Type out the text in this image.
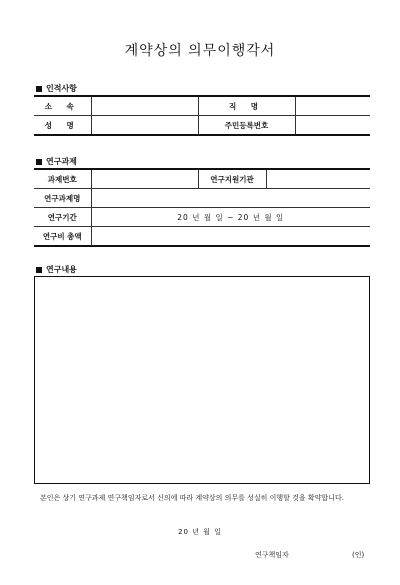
계약상의 의무이행각서
인적사항
소 속		직 명	
성 명		주민등록번호	
연구과제
과제번호		연구지원기관	
연구과제명			
연구기간	20 년 월 일 ~ 20 년 월 일		
연구비 총액			
연구내용
본인은 상기 연구과제 연구책임자로서 신의에 따라 계약상의 의무를 성실히 이행할 것을 확약합니다.
20 년 월 일
연구책임자	(인)
